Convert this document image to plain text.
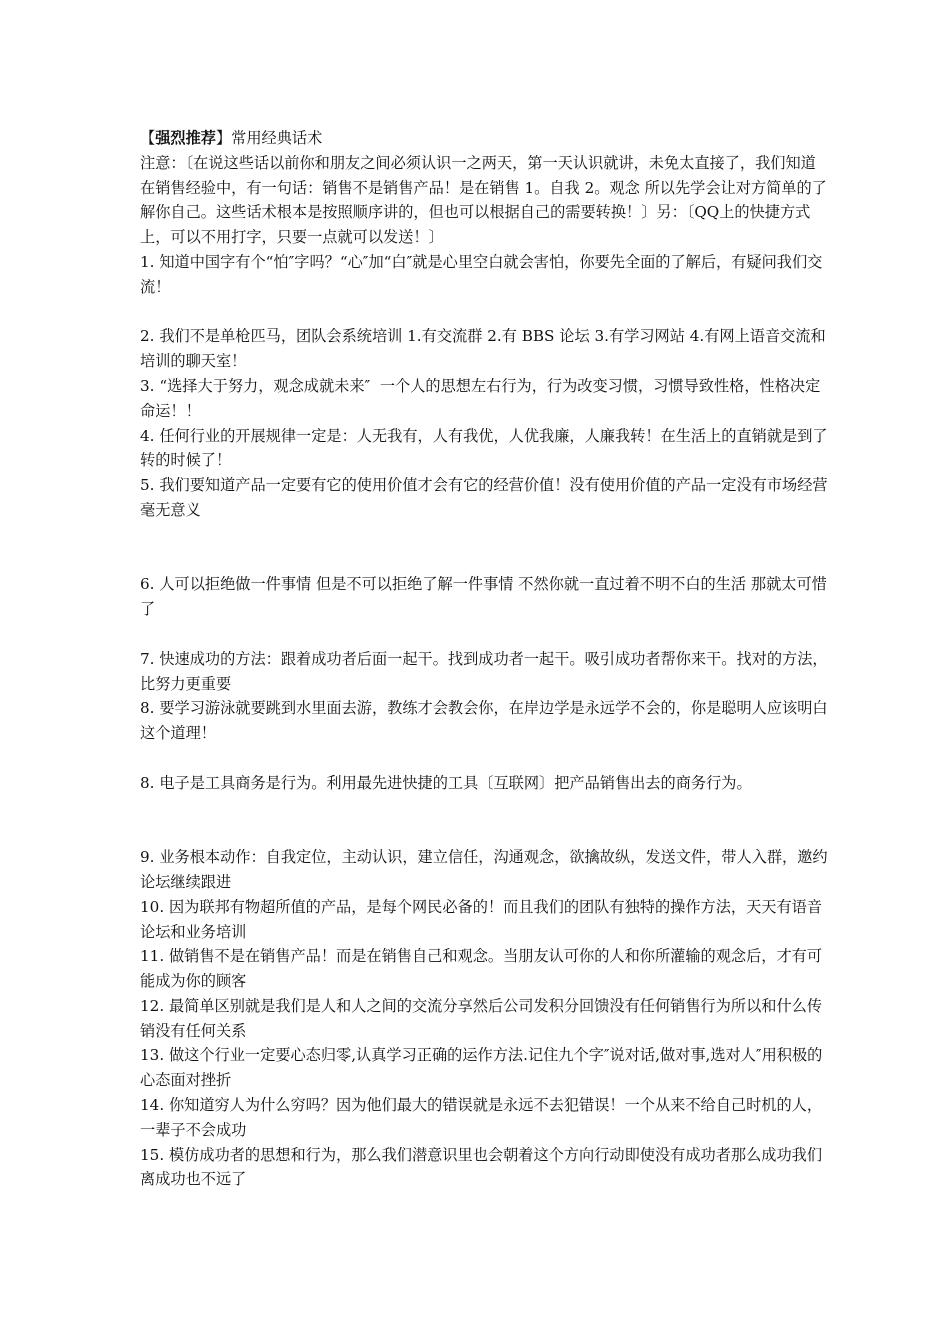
【强烈推荐】常用经典话术

注意：〔在说这些话以前你和朋友之间必须认识一之两天，第一天认识就讲，未免太直接了，我们知道在销售经验中，有一句话：销售不是销售产品！是在销售 1。自我 2。观念 所以先学会让对方简单的了解你自己。这些话术根本是按照顺序讲的，但也可以根据自己的需要转换！〕另：〔QQ上的快捷方式上，可以不用打字，只要一点就可以发送！〕

1. 知道中国字有个“怕″字吗？“心″加“白″就是心里空白就会害怕，你要先全面的了解后，有疑问我们交流！

2. 我们不是单枪匹马，团队会系统培训 1.有交流群 2.有 BBS 论坛 3.有学习网站 4.有网上语音交流和培训的聊天室！

3. “选择大于努力，观念成就未来″  一个人的思想左右行为，行为改变习惯，习惯导致性格，性格决定命运！！

4. 任何行业的开展规律一定是：人无我有，人有我优，人优我廉，人廉我转！在生活上的直销就是到了转的时候了！

5. 我们要知道产品一定要有它的使用价值才会有它的经营价值！没有使用价值的产品一定没有市场经营毫无意义

6. 人可以拒绝做一件事情 但是不可以拒绝了解一件事情 不然你就一直过着不明不白的生活 那就太可惜了

7. 快速成功的方法：跟着成功者后面一起干。找到成功者一起干。吸引成功者帮你来干。找对的方法，比努力更重要

8. 要学习游泳就要跳到水里面去游，教练才会教会你，在岸边学是永远学不会的，你是聪明人应该明白这个道理！

8. 电子是工具商务是行为。利用最先进快捷的工具〔互联网〕把产品销售出去的商务行为。

9. 业务根本动作：自我定位，主动认识，建立信任，沟通观念，欲擒故纵，发送文件，带人入群，邀约论坛继续跟进

10. 因为联邦有物超所值的产品，是每个网民必备的！而且我们的团队有独特的操作方法，天天有语音论坛和业务培训

11. 做销售不是在销售产品！而是在销售自己和观念。当朋友认可你的人和你所灌输的观念后，才有可能成为你的顾客

12. 最简单区别就是我们是人和人之间的交流分享然后公司发积分回馈没有任何销售行为所以和什么传销没有任何关系

13. 做这个行业一定要心态归零,认真学习正确的运作方法.记住九个字″说对话,做对事,选对人″用积极的心态面对挫折

14. 你知道穷人为什么穷吗？因为他们最大的错误就是永远不去犯错误！一个从来不给自己时机的人，一辈子不会成功

15. 模仿成功者的思想和行为，那么我们潜意识里也会朝着这个方向行动即使没有成功者那么成功我们离成功也不远了
